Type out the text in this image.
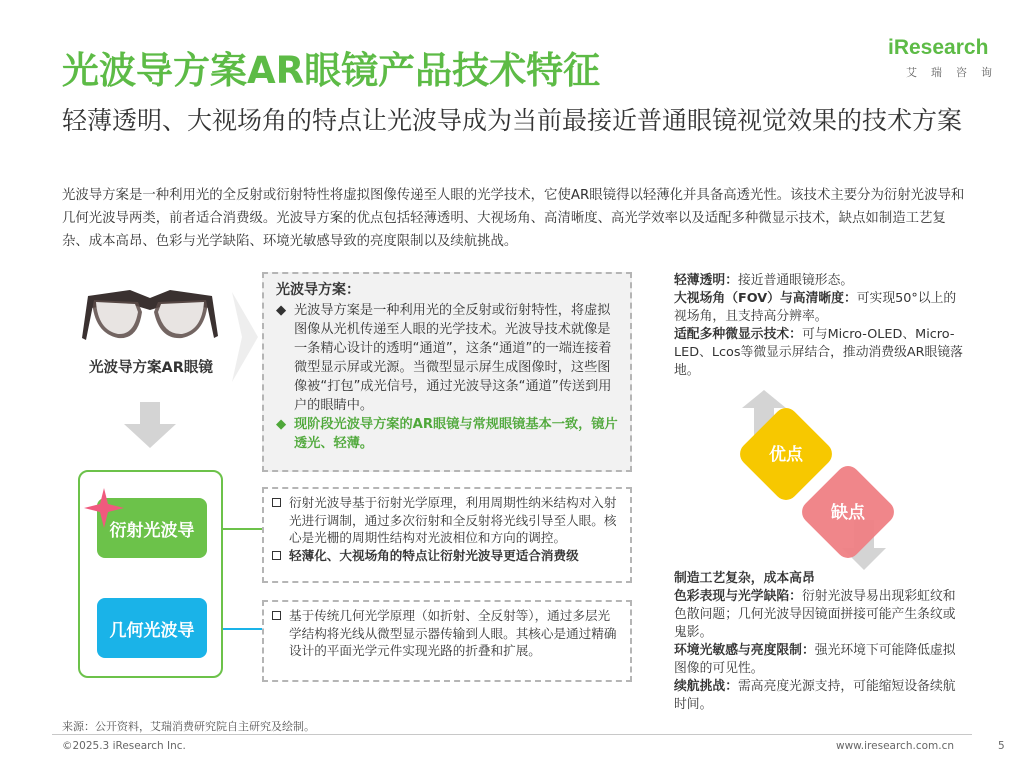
光波导方案AR眼镜产品技术特征
iResearch
艾瑞咨询
轻薄透明、大视场角的特点让光波导成为当前最接近普通眼镜视觉效果的技术方案
光波导方案是一种利用光的全反射或衍射特性将虚拟图像传递至人眼的光学技术，它使AR眼镜得以轻薄化并具备高透光性。该技术主要分为衍射光波导和几何光波导两类，前者适合消费级。光波导方案的优点包括轻薄透明、大视场角、高清晰度、高光学效率以及适配多种微显示技术，缺点如制造工艺复杂、成本高昂、色彩与光学缺陷、环境光敏感导致的亮度限制以及续航挑战。
光波导方案AR眼镜
衍射光波导
几何光波导
光波导方案：
◆ 光波导方案是一种利用光的全反射或衍射特性，将虚拟图像从光机传递至人眼的光学技术。光波导技术就像是一条精心设计的透明“通道”，这条“通道”的一端连接着微型显示屏或光源。当微型显示屏生成图像时，这些图像被“打包”成光信号，通过光波导这条“通道”传送到用户的眼睛中。
◆ 现阶段光波导方案的AR眼镜与常规眼镜基本一致，镜片透光、轻薄。
衍射光波导基于衍射光学原理，利用周期性纳米结构对入射光进行调制，通过多次衍射和全反射将光线引导至人眼。核心是光栅的周期性结构对光波相位和方向的调控。
轻薄化、大视场角的特点让衍射光波导更适合消费级
基于传统几何光学原理（如折射、全反射等），通过多层光学结构将光线从微型显示器传输到人眼。其核心是通过精确设计的平面光学元件实现光路的折叠和扩展。
轻薄透明：接近普通眼镜形态。
大视场角（FOV）与高清晰度：可实现50°以上的视场角，且支持高分辨率。
适配多种微显示技术：可与Micro-OLED、Micro-LED、Lcos等微显示屏结合，推动消费级AR眼镜落地。
优点
缺点
制造工艺复杂，成本高昂
色彩表现与光学缺陷：衍射光波导易出现彩虹纹和色散问题；几何光波导因镜面拼接可能产生条纹或鬼影。
环境光敏感与亮度限制：强光环境下可能降低虚拟图像的可见性。
续航挑战：需高亮度光源支持，可能缩短设备续航时间。
来源：公开资料，艾瑞消费研究院自主研究及绘制。
©2025.3 iResearch Inc.	www.iresearch.com.cn	5
